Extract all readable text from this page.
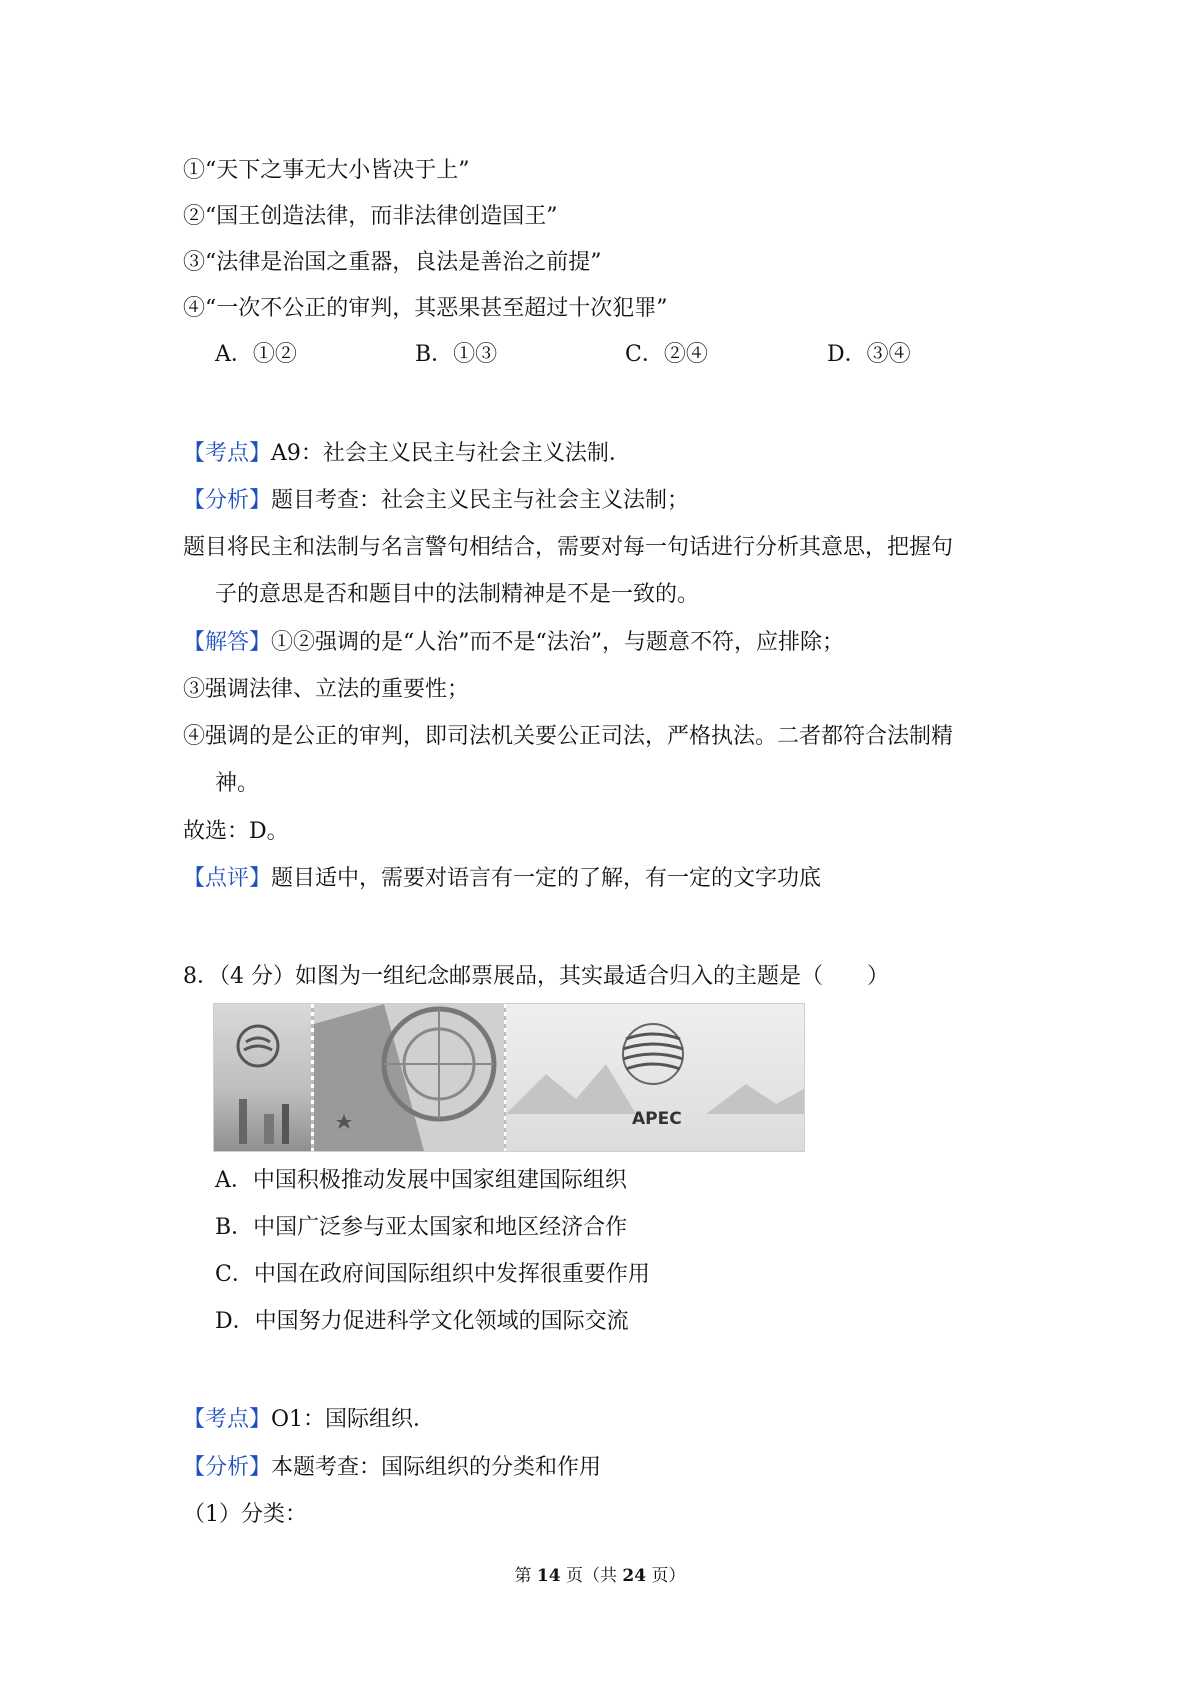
①“天下之事无大小皆决于上”
②“国王创造法律，而非法律创造国王”
③“法律是治国之重器，良法是善治之前提”
④“一次不公正的审判，其恶果甚至超过十次犯罪”
A．①②	B．①③	C．②④	D．③④
【考点】A9：社会主义民主与社会主义法制．
【分析】题目考查：社会主义民主与社会主义法制；
题目将民主和法制与名言警句相结合，需要对每一句话进行分析其意思，把握句
子的意思是否和题目中的法制精神是不是一致的。
【解答】①②强调的是“人治”而不是“法治”，与题意不符，应排除；
③强调法律、立法的重要性；
④强调的是公正的审判，即司法机关要公正司法，严格执法。二者都符合法制精
神。
故选：D。
【点评】题目适中，需要对语言有一定的了解，有一定的文字功底
8．（4 分）如图为一组纪念邮票展品，其实最适合归入的主题是（　　）
APEC
A．中国积极推动发展中国家组建国际组织
B．中国广泛参与亚太国家和地区经济合作
C．中国在政府间国际组织中发挥很重要作用
D．中国努力促进科学文化领域的国际交流
【考点】O1：国际组织．
【分析】本题考查：国际组织的分类和作用
（1）分类：
第 14 页（共 24 页）
